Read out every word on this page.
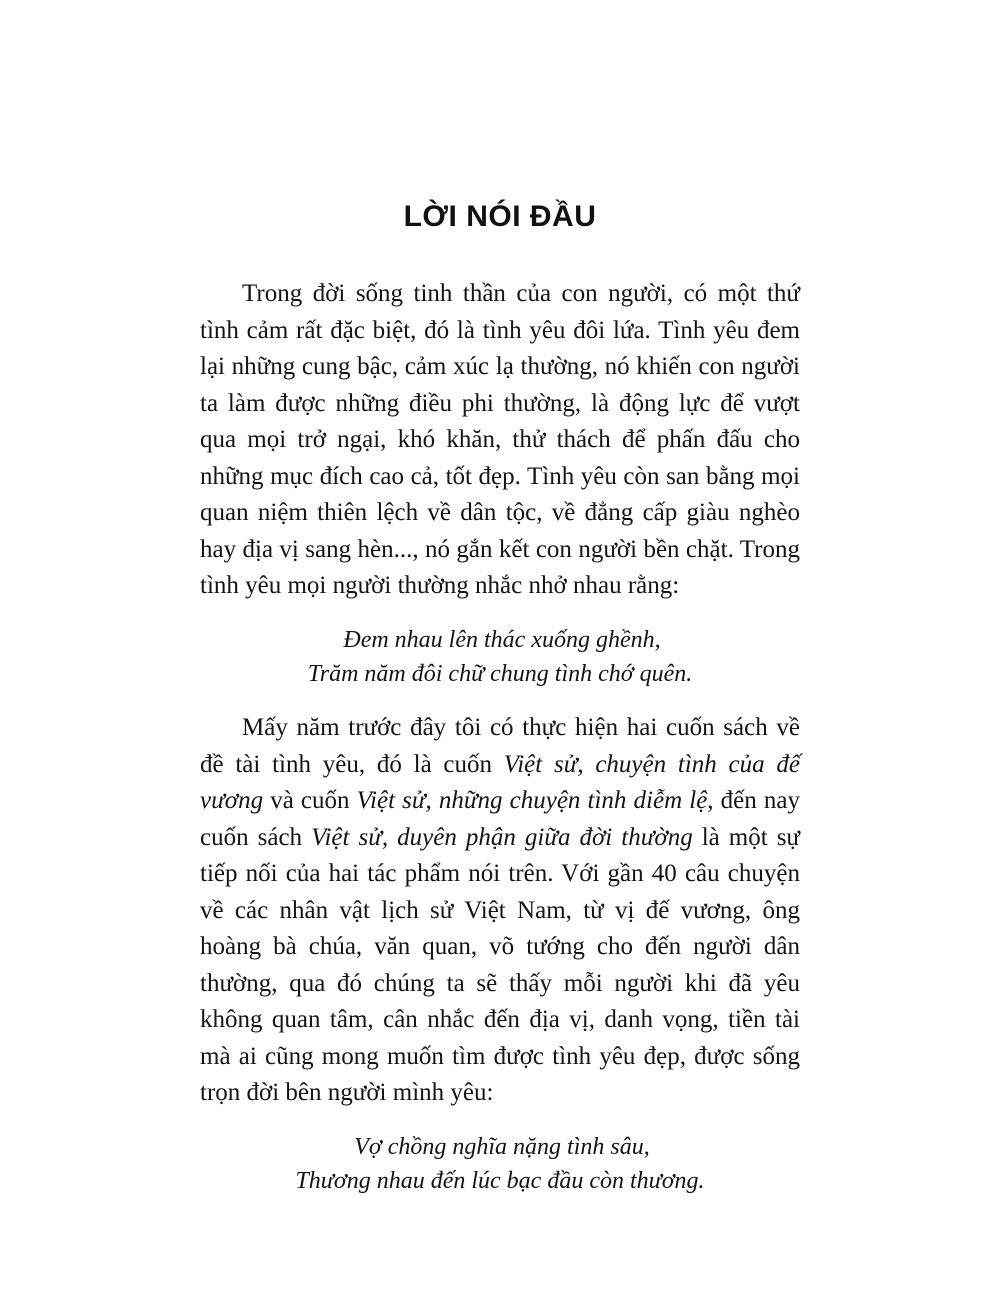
LỜI NÓI ĐẦU

Trong đời sống tinh thần của con người, có một thứ tình cảm rất đặc biệt, đó là tình yêu đôi lứa. Tình yêu đem lại những cung bậc, cảm xúc lạ thường, nó khiến con người ta làm được những điều phi thường, là động lực để vượt qua mọi trở ngại, khó khăn, thử thách để phấn đấu cho những mục đích cao cả, tốt đẹp. Tình yêu còn san bằng mọi quan niệm thiên lệch về dân tộc, về đẳng cấp giàu nghèo hay địa vị sang hèn..., nó gắn kết con người bền chặt. Trong tình yêu mọi người thường nhắc nhở nhau rằng:

Đem nhau lên thác xuống ghềnh,
Trăm năm đôi chữ chung tình chớ quên.

Mấy năm trước đây tôi có thực hiện hai cuốn sách về đề tài tình yêu, đó là cuốn Việt sử, chuyện tình của đế vương và cuốn Việt sử, những chuyện tình diễm lệ, đến nay cuốn sách Việt sử, duyên phận giữa đời thường là một sự tiếp nối của hai tác phẩm nói trên. Với gần 40 câu chuyện về các nhân vật lịch sử Việt Nam, từ vị đế vương, ông hoàng bà chúa, văn quan, võ tướng cho đến người dân thường, qua đó chúng ta sẽ thấy mỗi người khi đã yêu không quan tâm, cân nhắc đến địa vị, danh vọng, tiền tài mà ai cũng mong muốn tìm được tình yêu đẹp, được sống trọn đời bên người mình yêu:

Vợ chồng nghĩa nặng tình sâu,
Thương nhau đến lúc bạc đầu còn thương.
